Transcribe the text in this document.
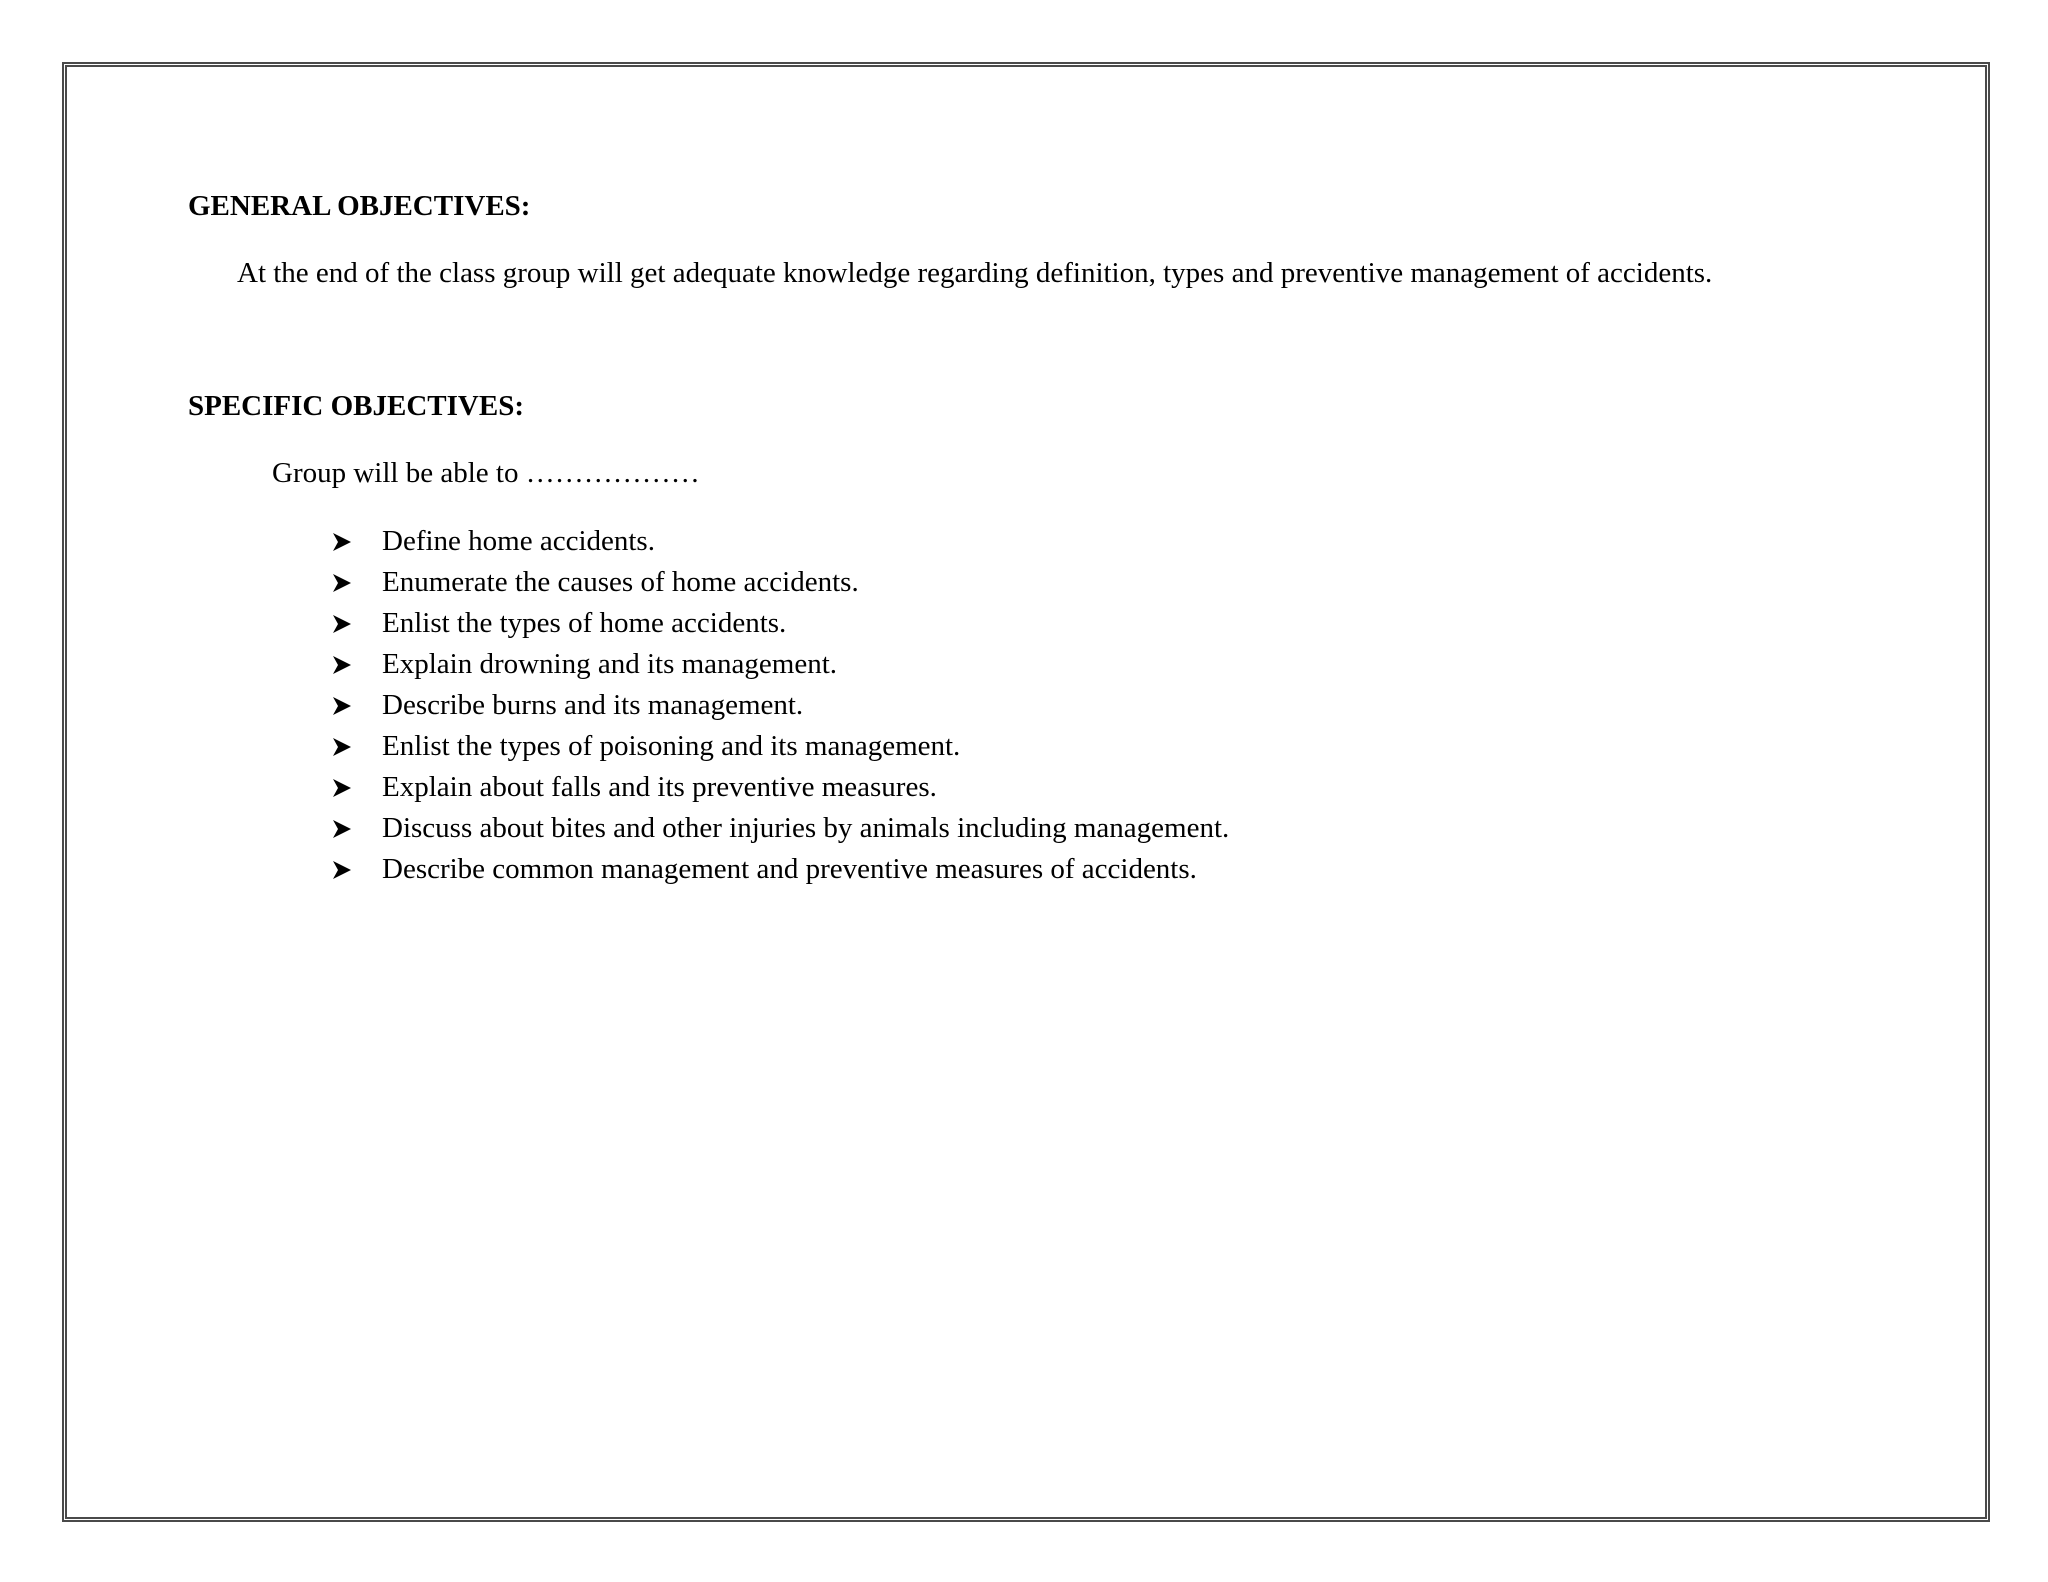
GENERAL OBJECTIVES:

At the end of the class group will get adequate knowledge regarding definition, types and preventive management of accidents.

SPECIFIC OBJECTIVES:

Group will be able to ………………

Define home accidents.
Enumerate the causes of home accidents.
Enlist the types of home accidents.
Explain drowning and its management.
Describe burns and its management.
Enlist the types of poisoning and its management.
Explain about falls and its preventive measures.
Discuss about bites and other injuries by animals including management.
Describe common management and preventive measures of accidents.
